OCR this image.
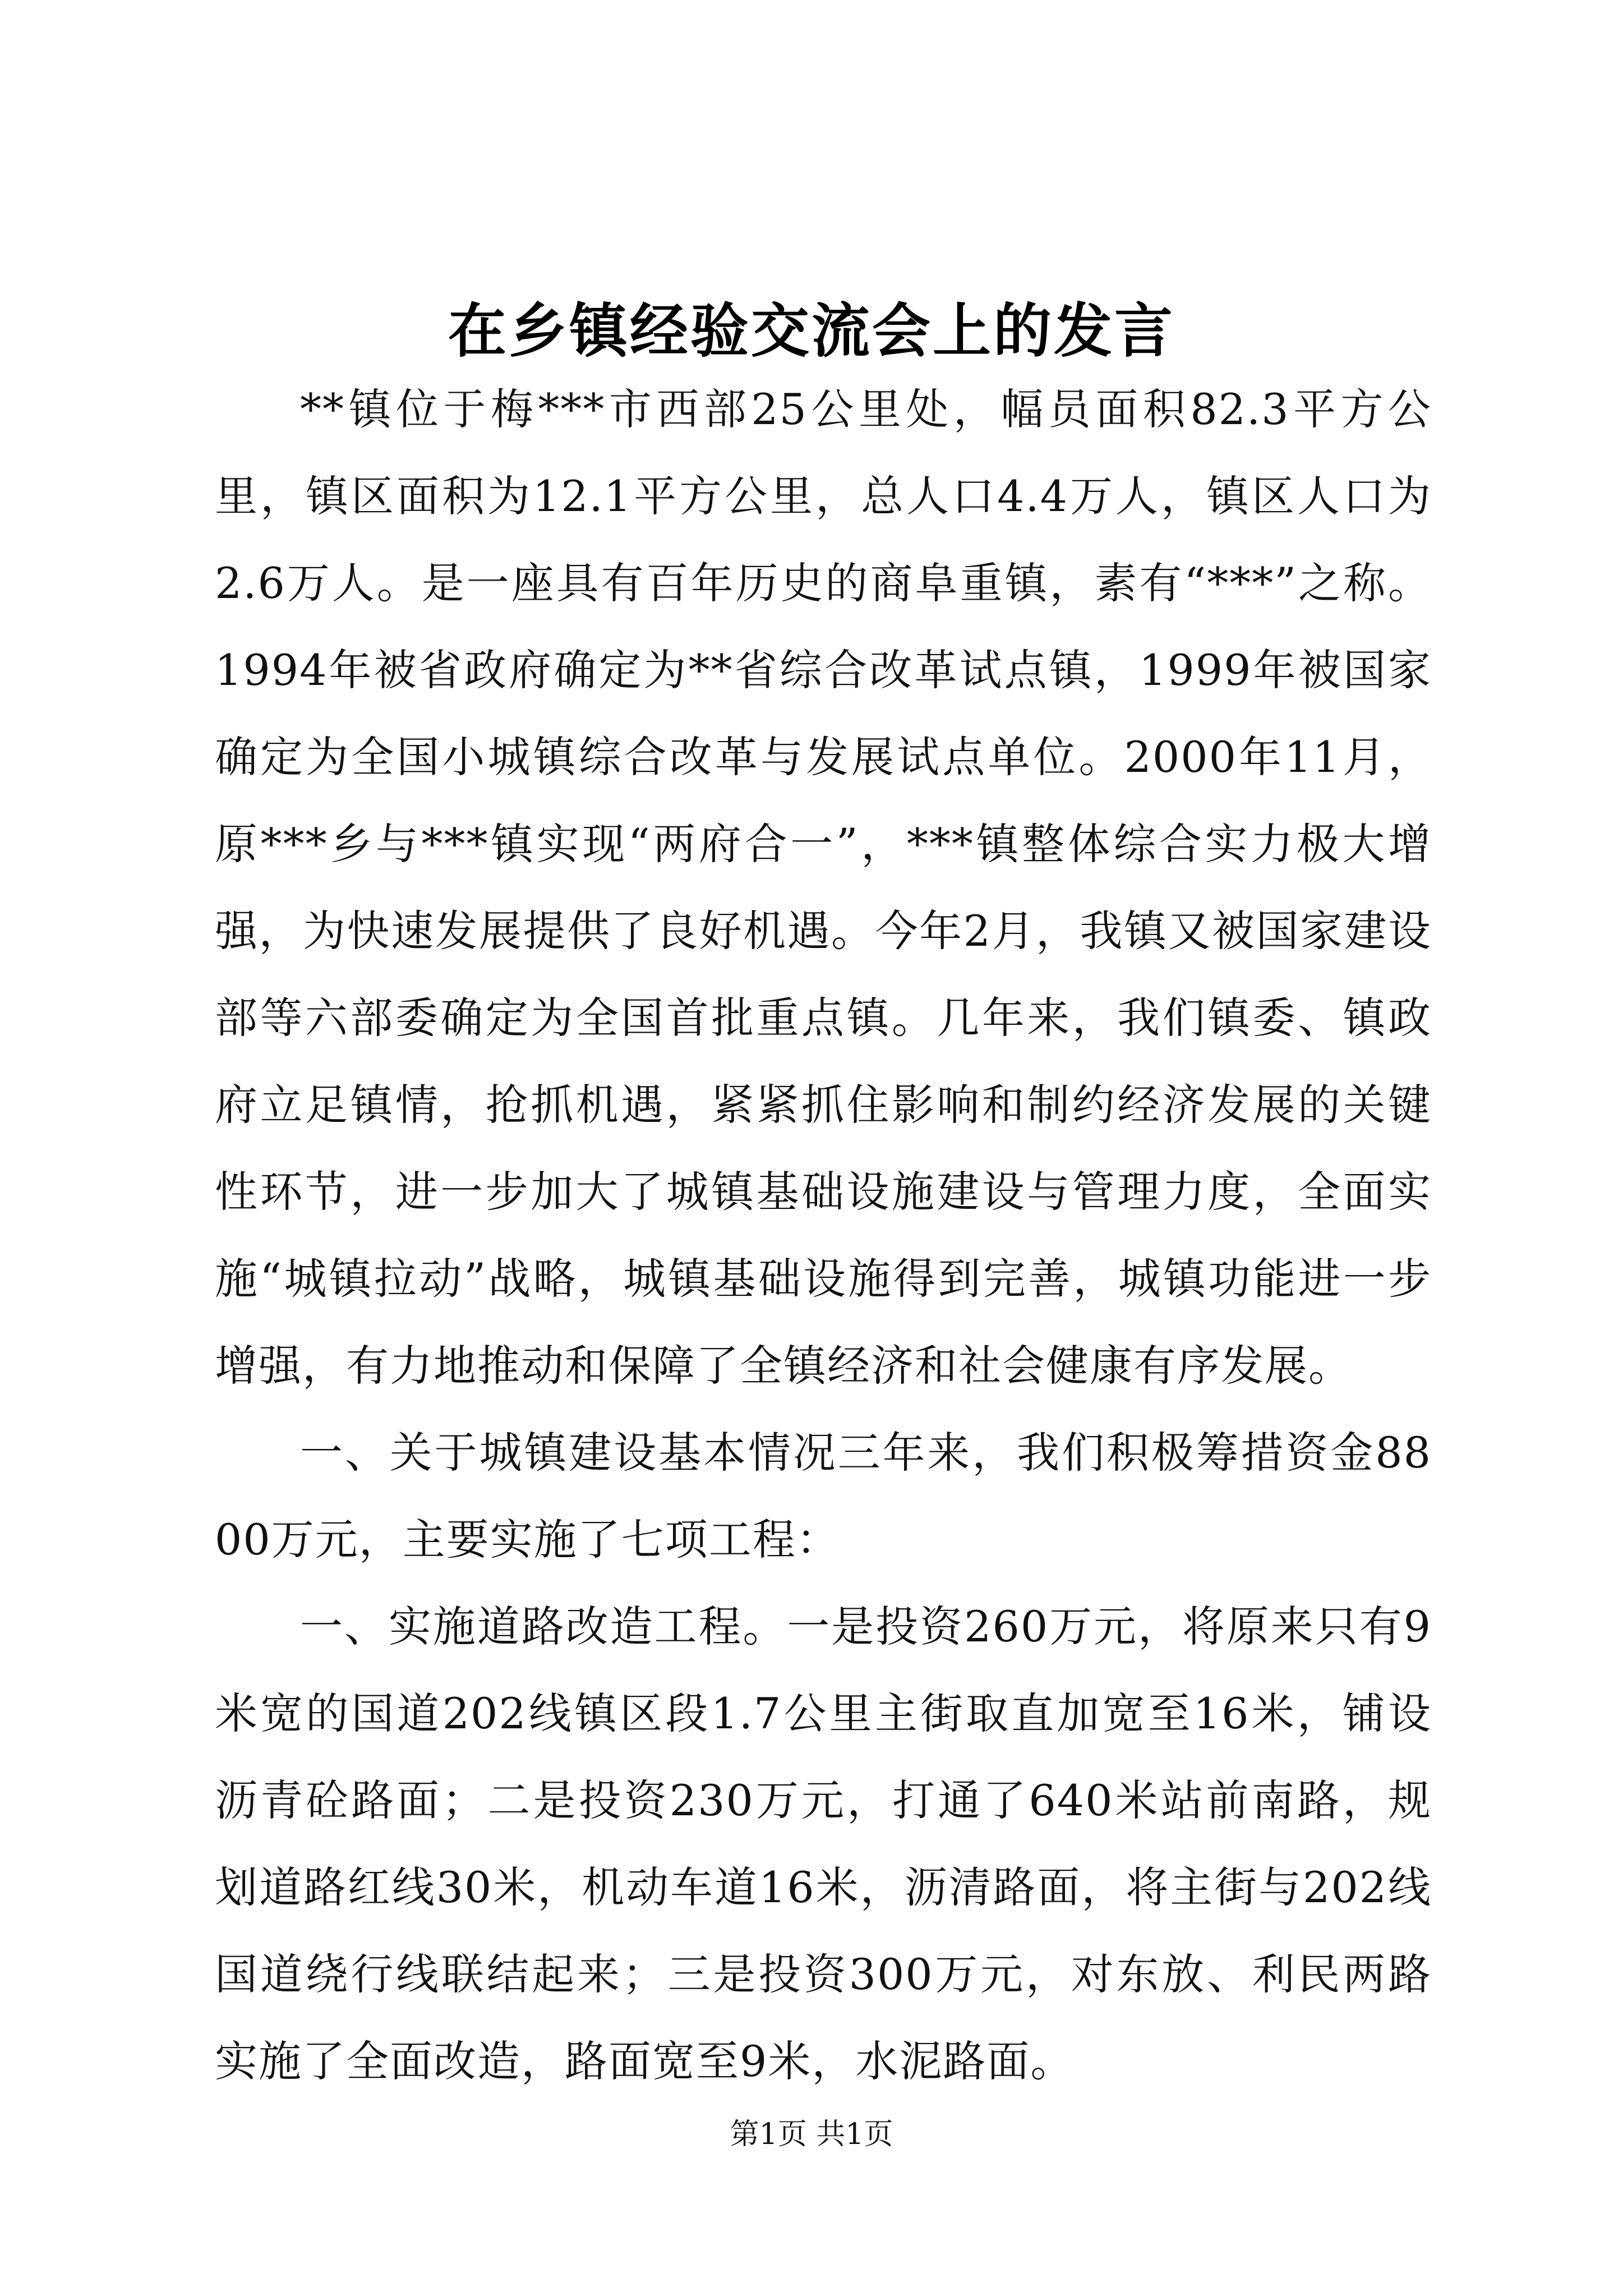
在乡镇经验交流会上的发言

**镇位于梅***市西部25公里处，幅员面积82.3平方公里，镇区面积为12.1平方公里，总人口4.4万人，镇区人口为2.6万人。是一座具有百年历史的商阜重镇，素有“***”之称。1994年被省政府确定为**省综合改革试点镇，1999年被国家确定为全国小城镇综合改革与发展试点单位。2000年11月，原***乡与***镇实现“两府合一”，***镇整体综合实力极大增强，为快速发展提供了良好机遇。今年2月，我镇又被国家建设部等六部委确定为全国首批重点镇。几年来，我们镇委、镇政府立足镇情，抢抓机遇，紧紧抓住影响和制约经济发展的关键性环节，进一步加大了城镇基础设施建设与管理力度，全面实施“城镇拉动”战略，城镇基础设施得到完善，城镇功能进一步增强，有力地推动和保障了全镇经济和社会健康有序发展。

一、关于城镇建设基本情况三年来，我们积极筹措资金8800万元，主要实施了七项工程：

一、实施道路改造工程。一是投资260万元，将原来只有9米宽的国道202线镇区段1.7公里主街取直加宽至16米，铺设沥青砼路面；二是投资230万元，打通了640米站前南路，规划道路红线30米，机动车道16米，沥清路面，将主街与202线国道绕行线联结起来；三是投资300万元，对东放、利民两路实施了全面改造，路面宽至9米，水泥路面。

第1页 共1页
